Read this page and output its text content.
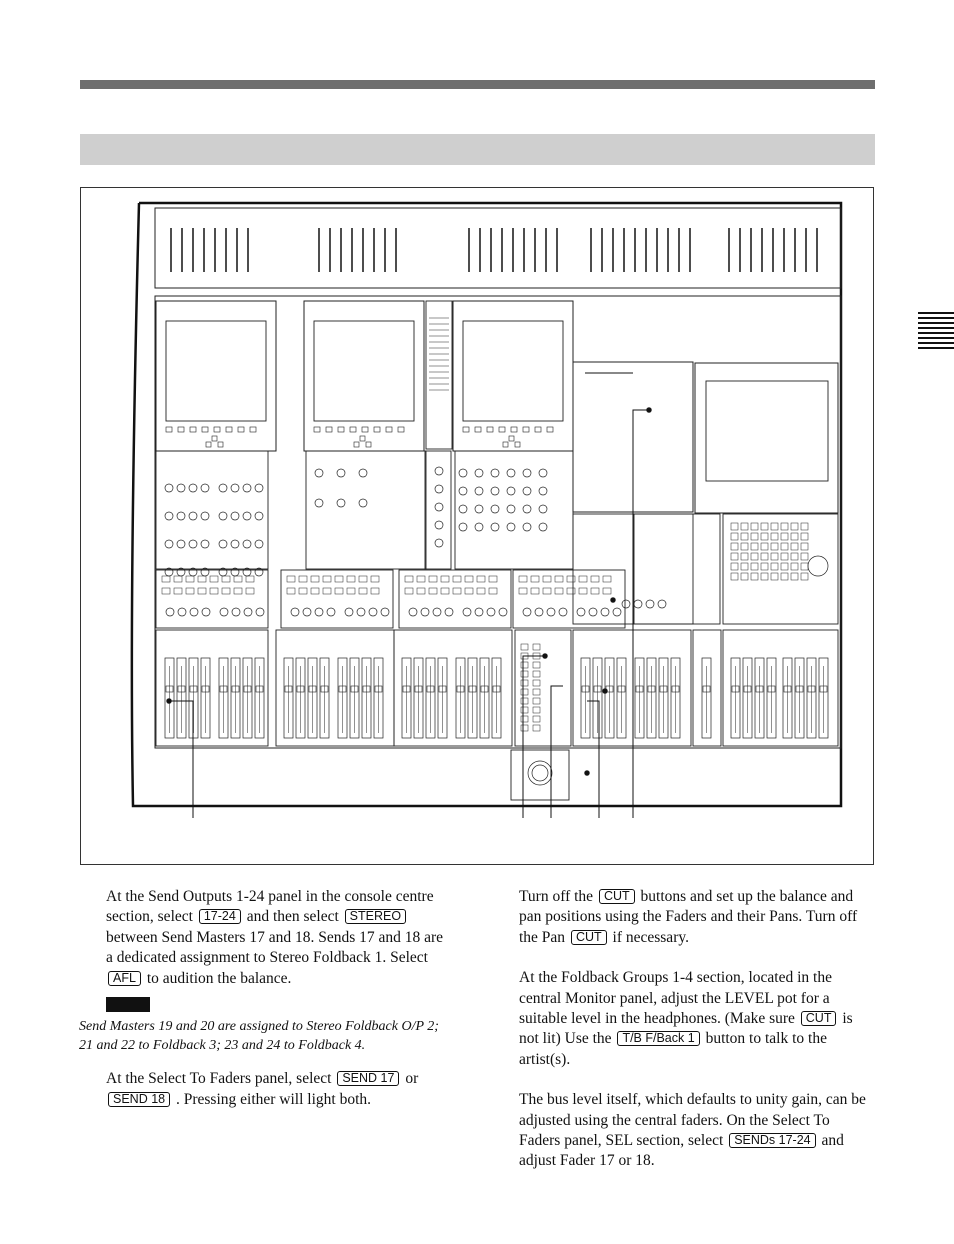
At the Send Outputs 1-24 panel in the console centre section, select 17-24 and then select STEREO between Send Masters 17 and 18. Sends 17 and 18 are a dedicated assignment to Stereo Foldback 1. Select AFL to audition the balance.

Send Masters 19 and 20 are assigned to Stereo Foldback O/P 2; 21 and 22 to Foldback 3; 23 and 24 to Foldback 4.

At the Select To Faders panel, select SEND 17 or SEND 18 . Pressing either will light both.

Turn off the CUT buttons and set up the balance and pan positions using the Faders and their Pans. Turn off the Pan CUT if necessary.

At the Foldback Groups 1-4 section, located in the central Monitor panel, adjust the LEVEL pot for a suitable level in the headphones. (Make sure CUT is not lit) Use the T/B F/Back 1 button to talk to the artist(s).

The bus level itself, which defaults to unity gain, can be adjusted using the central faders. On the Select To Faders panel, SEL section, select SENDs 17-24 and adjust Fader 17 or 18.
